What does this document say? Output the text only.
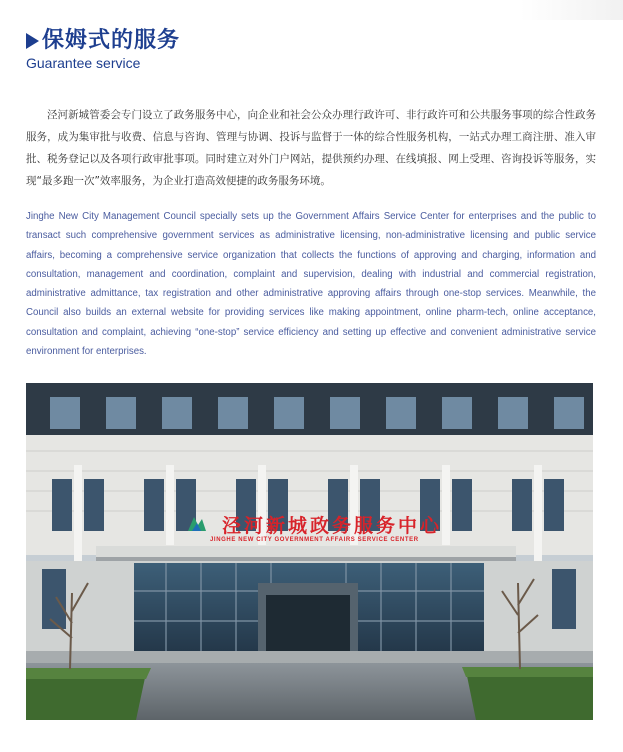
保姆式的服务
Guarantee service

泾河新城管委会专门设立了政务服务中心，向企业和社会公众办理行政许可、非行政许可和公共服务事项的综合性政务服务，成为集审批与收费、信息与咨询、管理与协调、投诉与监督于一体的综合性服务机构，一站式办理工商注册、准入审批、税务登记以及各项行政审批事项。同时建立对外门户网站，提供预约办理、在线填报、网上受理、咨询投诉等服务，实现“最多跑一次”效率服务，为企业打造高效便捷的政务服务环境。

Jinghe New City Management Council specially sets up the Government Affairs Service Center for enterprises and the public to transact such comprehensive government services as administrative licensing, non-administrative licensing and public service affairs, becoming a comprehensive service organization that collects the functions of approving and charging, information and consultation, management and coordination, complaint and supervision, dealing with industrial and commercial registration, administrative admittance, tax registration and other administrative approving affairs through one-stop services. Meanwhile, the Council also builds an external website for providing services like making appointment, online pharm-tech, online acceptance, consultation and complaint, achieving “one-stop” service efficiency and setting up effective and convenient administrative service environment for enterprises.

泾河新城政务服务中心
JINGHE NEW CITY GOVERNMENT AFFAIRS SERVICE CENTER
